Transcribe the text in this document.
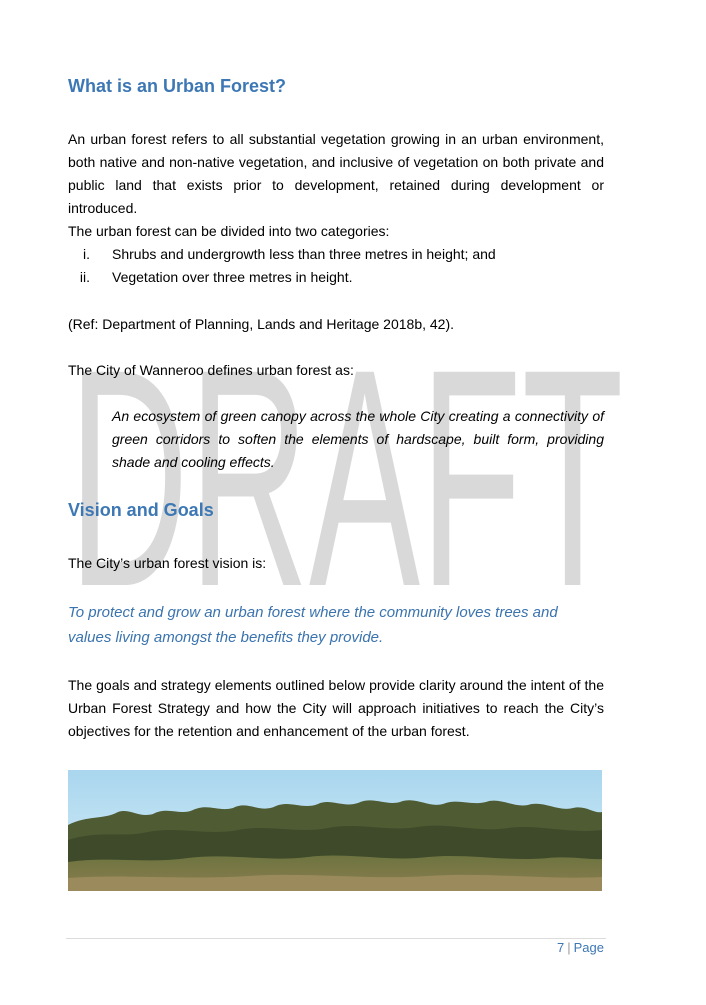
DRAFT
What is an Urban Forest?

An urban forest refers to all substantial vegetation growing in an urban environment, both native and non-native vegetation, and inclusive of vegetation on both private and public land that exists prior to development, retained during development or introduced.

The urban forest can be divided into two categories:

i. Shrubs and undergrowth less than three metres in height; and
ii. Vegetation over three metres in height.

(Ref: Department of Planning, Lands and Heritage 2018b, 42).

The City of Wanneroo defines urban forest as:

An ecosystem of green canopy across the whole City creating a connectivity of green corridors to soften the elements of hardscape, built form, providing shade and cooling effects.

Vision and Goals

The City’s urban forest vision is:

To protect and grow an urban forest where the community loves trees and values living amongst the benefits they provide.

The goals and strategy elements outlined below provide clarity around the intent of the Urban Forest Strategy and how the City will approach initiatives to reach the City’s objectives for the retention and enhancement of the urban forest.

7 | Page
